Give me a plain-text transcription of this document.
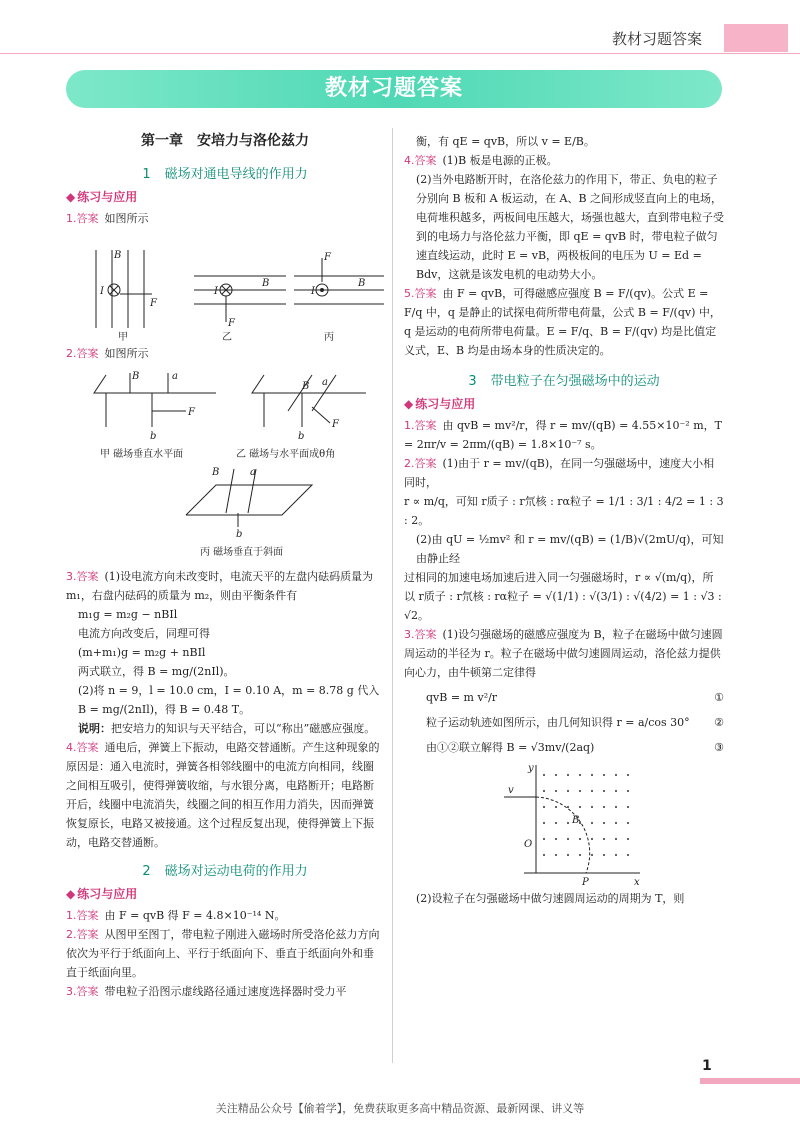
教材习题答案
教材习题答案
第一章　安培力与洛伦兹力
1 磁场对通电导线的作用力
◆ 练习与应用

1.答案 如图所示

B
I
F
I
B
F
I
B
F
甲	乙	丙

2.答案 如图所示

B	a
b
F
b
a
F
B
B	a
b
甲 磁场垂直水平面	乙 磁场与水平面成θ角
丙 磁场垂直于斜面

3.答案 (1)设电流方向未改变时，电流天平的左盘内砝码质量为 m₁，右盘内砝码的质量为 m₂，则由平衡条件有

m₁g = m₂g − nBIl

电流方向改变后，同理可得

(m+m₁)g = m₂g + nBIl

两式联立，得 B = mg/(2nIl)。

(2)将 n = 9，l = 10.0 cm，I = 0.10 A，m = 8.78 g 代入 B = mg/(2nIl)，得 B = 0.48 T。

说明：把安培力的知识与天平结合，可以“称出”磁感应强度。

4.答案 通电后，弹簧上下振动，电路交替通断。产生这种现象的原因是：通入电流时，弹簧各相邻线圈中的电流方向相同，线圈之间相互吸引，使得弹簧收缩，与水银分离，电路断开；电路断开后，线圈中电流消失，线圈之间的相互作用力消失，因而弹簧恢复原长，电路又被接通。这个过程反复出现，使得弹簧上下振动，电路交替通断。

2 磁场对运动电荷的作用力
◆ 练习与应用

1.答案 由 F = qvB 得 F = 4.8×10⁻¹⁴ N。

2.答案 从图甲至图丁，带电粒子刚进入磁场时所受洛伦兹力方向依次为平行于纸面向上、平行于纸面向下、垂直于纸面向外和垂直于纸面向里。

3.答案 带电粒子沿图示虚线路径通过速度选择器时受力平

衡，有 qE = qvB，所以 v = E/B。

4.答案 (1)B 板是电源的正极。

(2)当外电路断开时，在洛伦兹力的作用下，带正、负电的粒子分别向 B 板和 A 板运动，在 A、B 之间形成竖直向上的电场，电荷堆积越多，两板间电压越大，场强也越大，直到带电粒子受到的电场力与洛伦兹力平衡，即 qE = qvB 时，带电粒子做匀速直线运动，此时 E = vB，两极板间的电压为 U = Ed = Bdv，这就是该发电机的电动势大小。

5.答案 由 F = qvB，可得磁感应强度 B = F/(qv)。公式 E = F/q 中，q 是静止的试探电荷所带电荷量，公式 B = F/(qv) 中，q 是运动的电荷所带电荷量。E = F/q、B = F/(qv) 均是比值定义式，E、B 均是由场本身的性质决定的。

3 带电粒子在匀强磁场中的运动
◆ 练习与应用

1.答案 由 qvB = mv²/r，得 r = mv/(qB) = 4.55×10⁻² m，T = 2πr/v = 2πm/(qB) = 1.8×10⁻⁷ s。

2.答案 (1)由于 r = mv/(qB)，在同一匀强磁场中，速度大小相同时，

r ∝ m/q，可知 r质子 : r氘核 : rα粒子 = 1/1 : 3/1 : 4/2 = 1 : 3 : 2。

(2)由 qU = ½mv² 和 r = mv/(qB) = (1/B)√(2mU/q)，可知由静止经

过相同的加速电场加速后进入同一匀强磁场时，r ∝ √(m/q)，所

以 r质子 : r氘核 : rα粒子 = √(1/1) : √(3/1) : √(4/2) = 1 : √3 : √2。

3.答案 (1)设匀强磁场的磁感应强度为 B，粒子在磁场中做匀速圆周运动的半径为 r。粒子在磁场中做匀速圆周运动，洛伦兹力提供向心力，由牛顿第二定律得

qvB = m v²/r	①
粒子运动轨迹如图所示，由几何知识得 r = a/cos 30° ②
由①②联立解得 B = √3mv/(2aq)	③
y
x
v
O
P
B

(2)设粒子在匀强磁场中做匀速圆周运动的周期为 T，则

1
关注精品公众号【偷着学】，免费获取更多高中精品资源、最新网课、讲义等
